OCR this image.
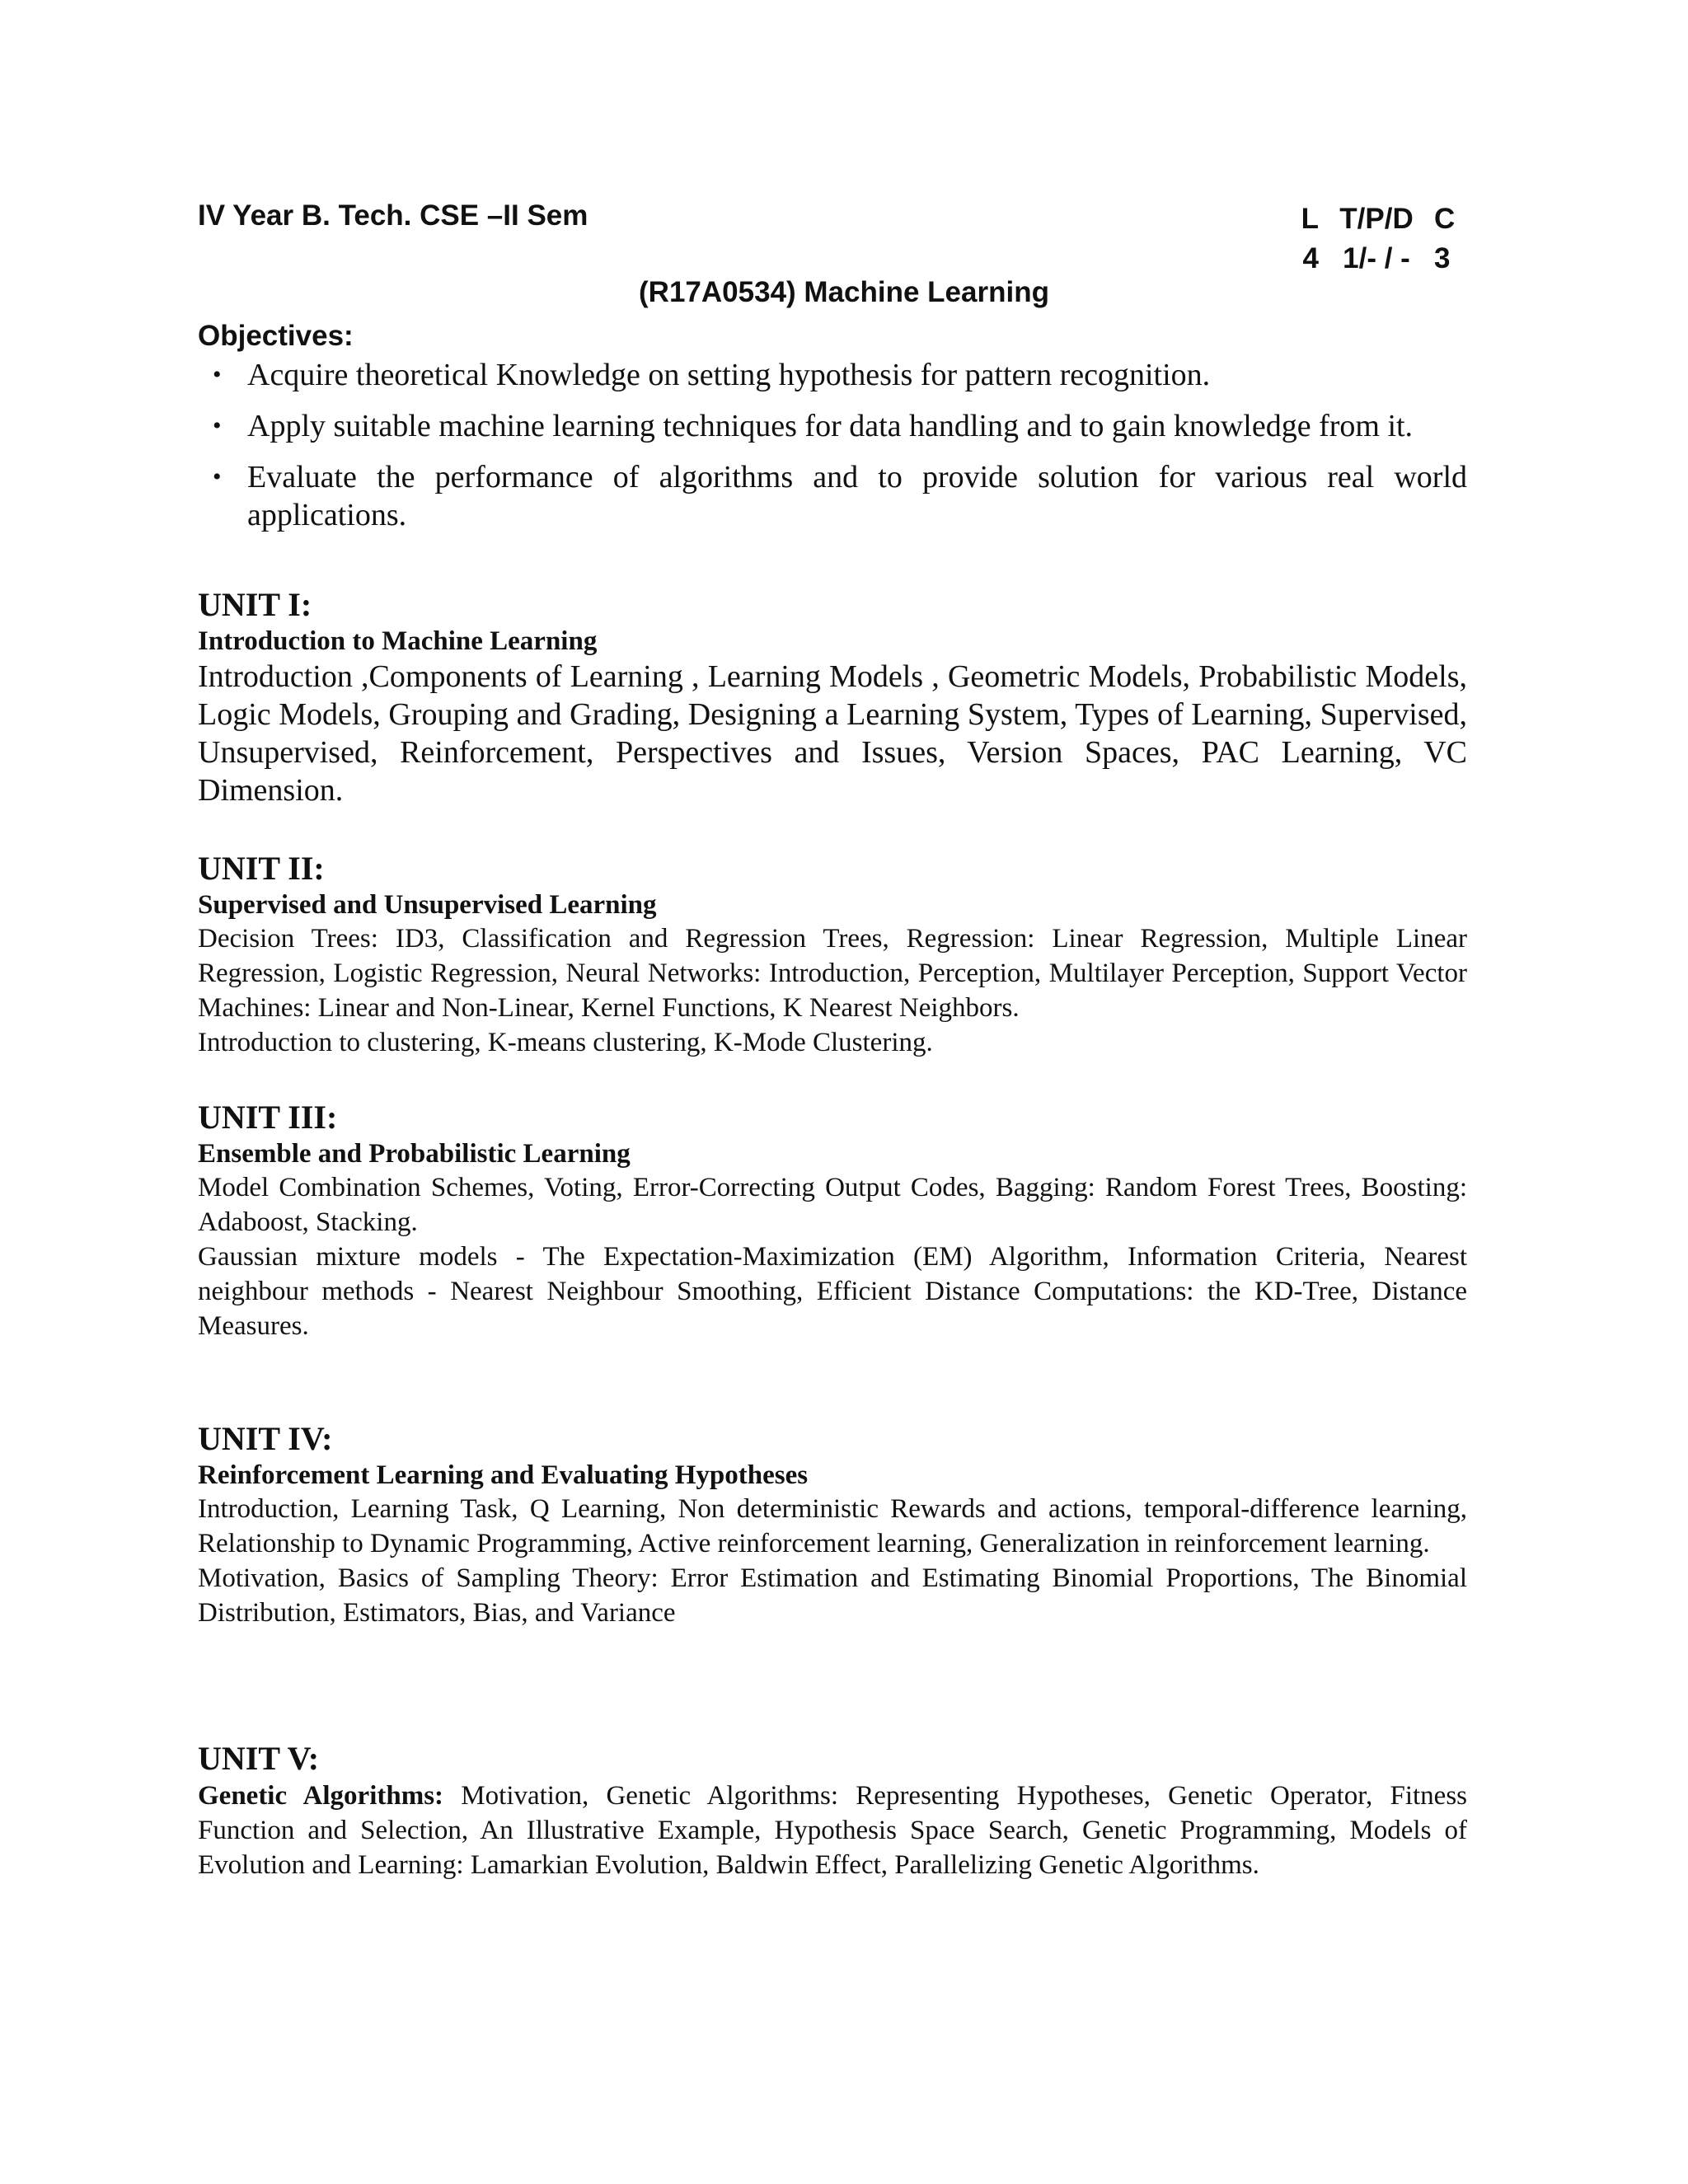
IV Year B. Tech. CSE –II Sem	L T/P/D C
4 1/- / - 3
(R17A0534) Machine Learning
Objectives:
• Acquire theoretical Knowledge on setting hypothesis for pattern recognition.
• Apply suitable machine learning techniques for data handling and to gain knowledge from it.
• Evaluate the performance of algorithms and to provide solution for various real world applications.
UNIT I:
Introduction to Machine Learning

Introduction ,Components of Learning , Learning Models , Geometric Models, Probabilistic Models, Logic Models, Grouping and Grading, Designing a Learning System, Types of Learning, Supervised, Unsupervised, Reinforcement, Perspectives and Issues, Version Spaces, PAC Learning, VC Dimension.

UNIT II:
Supervised and Unsupervised Learning

Decision Trees: ID3, Classification and Regression Trees, Regression: Linear Regression, Multiple Linear Regression, Logistic Regression, Neural Networks: Introduction, Perception, Multilayer Perception, Support Vector Machines: Linear and Non-Linear, Kernel Functions, K Nearest Neighbors.

Introduction to clustering, K-means clustering, K-Mode Clustering.

UNIT III:
Ensemble and Probabilistic Learning

Model Combination Schemes, Voting, Error-Correcting Output Codes, Bagging: Random Forest Trees, Boosting: Adaboost, Stacking.

Gaussian mixture models - The Expectation-Maximization (EM) Algorithm, Information Criteria, Nearest neighbour methods - Nearest Neighbour Smoothing, Efficient Distance Computations: the KD-Tree, Distance Measures.

UNIT IV:
Reinforcement Learning and Evaluating Hypotheses

Introduction, Learning Task, Q Learning, Non deterministic Rewards and actions, temporal-difference learning, Relationship to Dynamic Programming, Active reinforcement learning, Generalization in reinforcement learning.

Motivation, Basics of Sampling Theory: Error Estimation and Estimating Binomial Proportions, The Binomial Distribution, Estimators, Bias, and Variance

UNIT V:

Genetic Algorithms: Motivation, Genetic Algorithms: Representing Hypotheses, Genetic Operator, Fitness Function and Selection, An Illustrative Example, Hypothesis Space Search, Genetic Programming, Models of Evolution and Learning: Lamarkian Evolution, Baldwin Effect, Parallelizing Genetic Algorithms.
